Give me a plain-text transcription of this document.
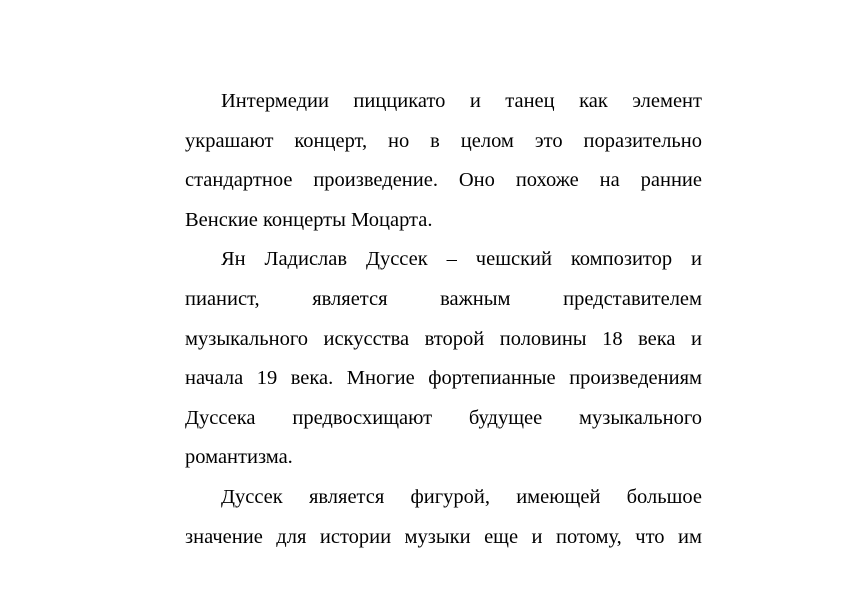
Интермедии пиццикато и танец как элемент
украшают концерт, но в целом это поразительно
стандартное произведение. Оно похоже на ранние
Венские концерты Моцарта.
Ян Ладислав Дуссек – чешский композитор и
пианист, является важным представителем
музыкального искусства второй половины 18 века и
начала 19 века. Многие фортепианные произведениям
Дуссека предвосхищают будущее музыкального
романтизма.
Дуссек является фигурой, имеющей большое
значение для истории музыки еще и потому, что им
